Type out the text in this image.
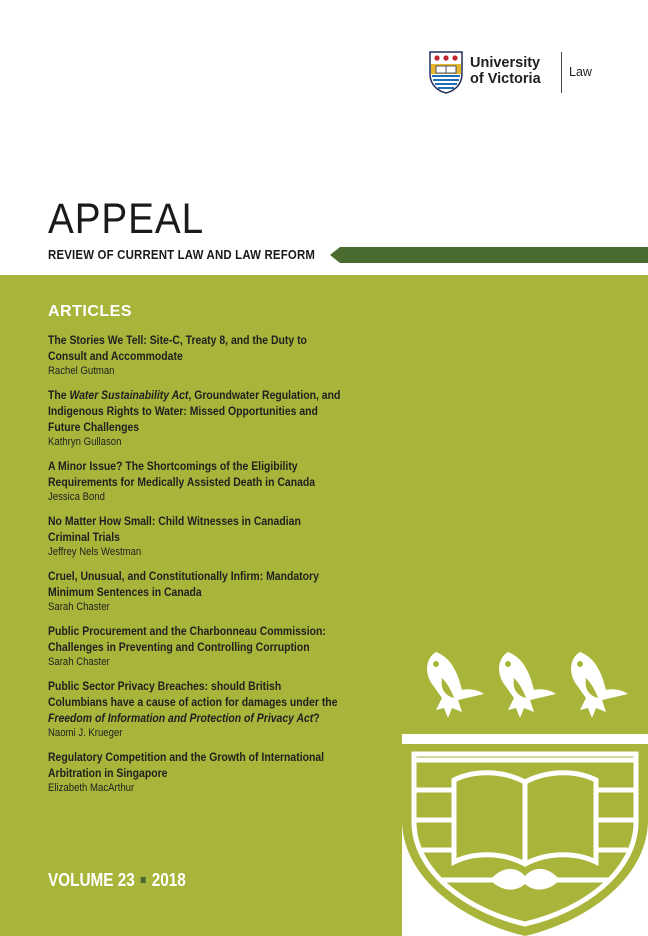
University
of Victoria	Law
APPEAL
REVIEW OF CURRENT LAW AND LAW REFORM
ARTICLES
The Stories We Tell: Site-C, Treaty 8, and the Duty to Consult and Accommodate
Rachel Gutman
The Water Sustainability Act, Groundwater Regulation, and Indigenous Rights to Water: Missed Opportunities and Future Challenges
Kathryn Gullason
A Minor Issue? The Shortcomings of the Eligibility Requirements for Medically Assisted Death in Canada
Jessica Bond
No Matter How Small: Child Witnesses in Canadian Criminal Trials
Jeffrey Nels Westman
Cruel, Unusual, and Constitutionally Infirm: Mandatory Minimum Sentences in Canada
Sarah Chaster
Public Procurement and the Charbonneau Commission: Challenges in Preventing and Controlling Corruption
Sarah Chaster
Public Sector Privacy Breaches: should British Columbians have a cause of action for damages under the Freedom of Information and Protection of Privacy Act?
Naomi J. Krueger
Regulatory Competition and the Growth of International Arbitration in Singapore
Elizabeth MacArthur
VOLUME 23 2018
